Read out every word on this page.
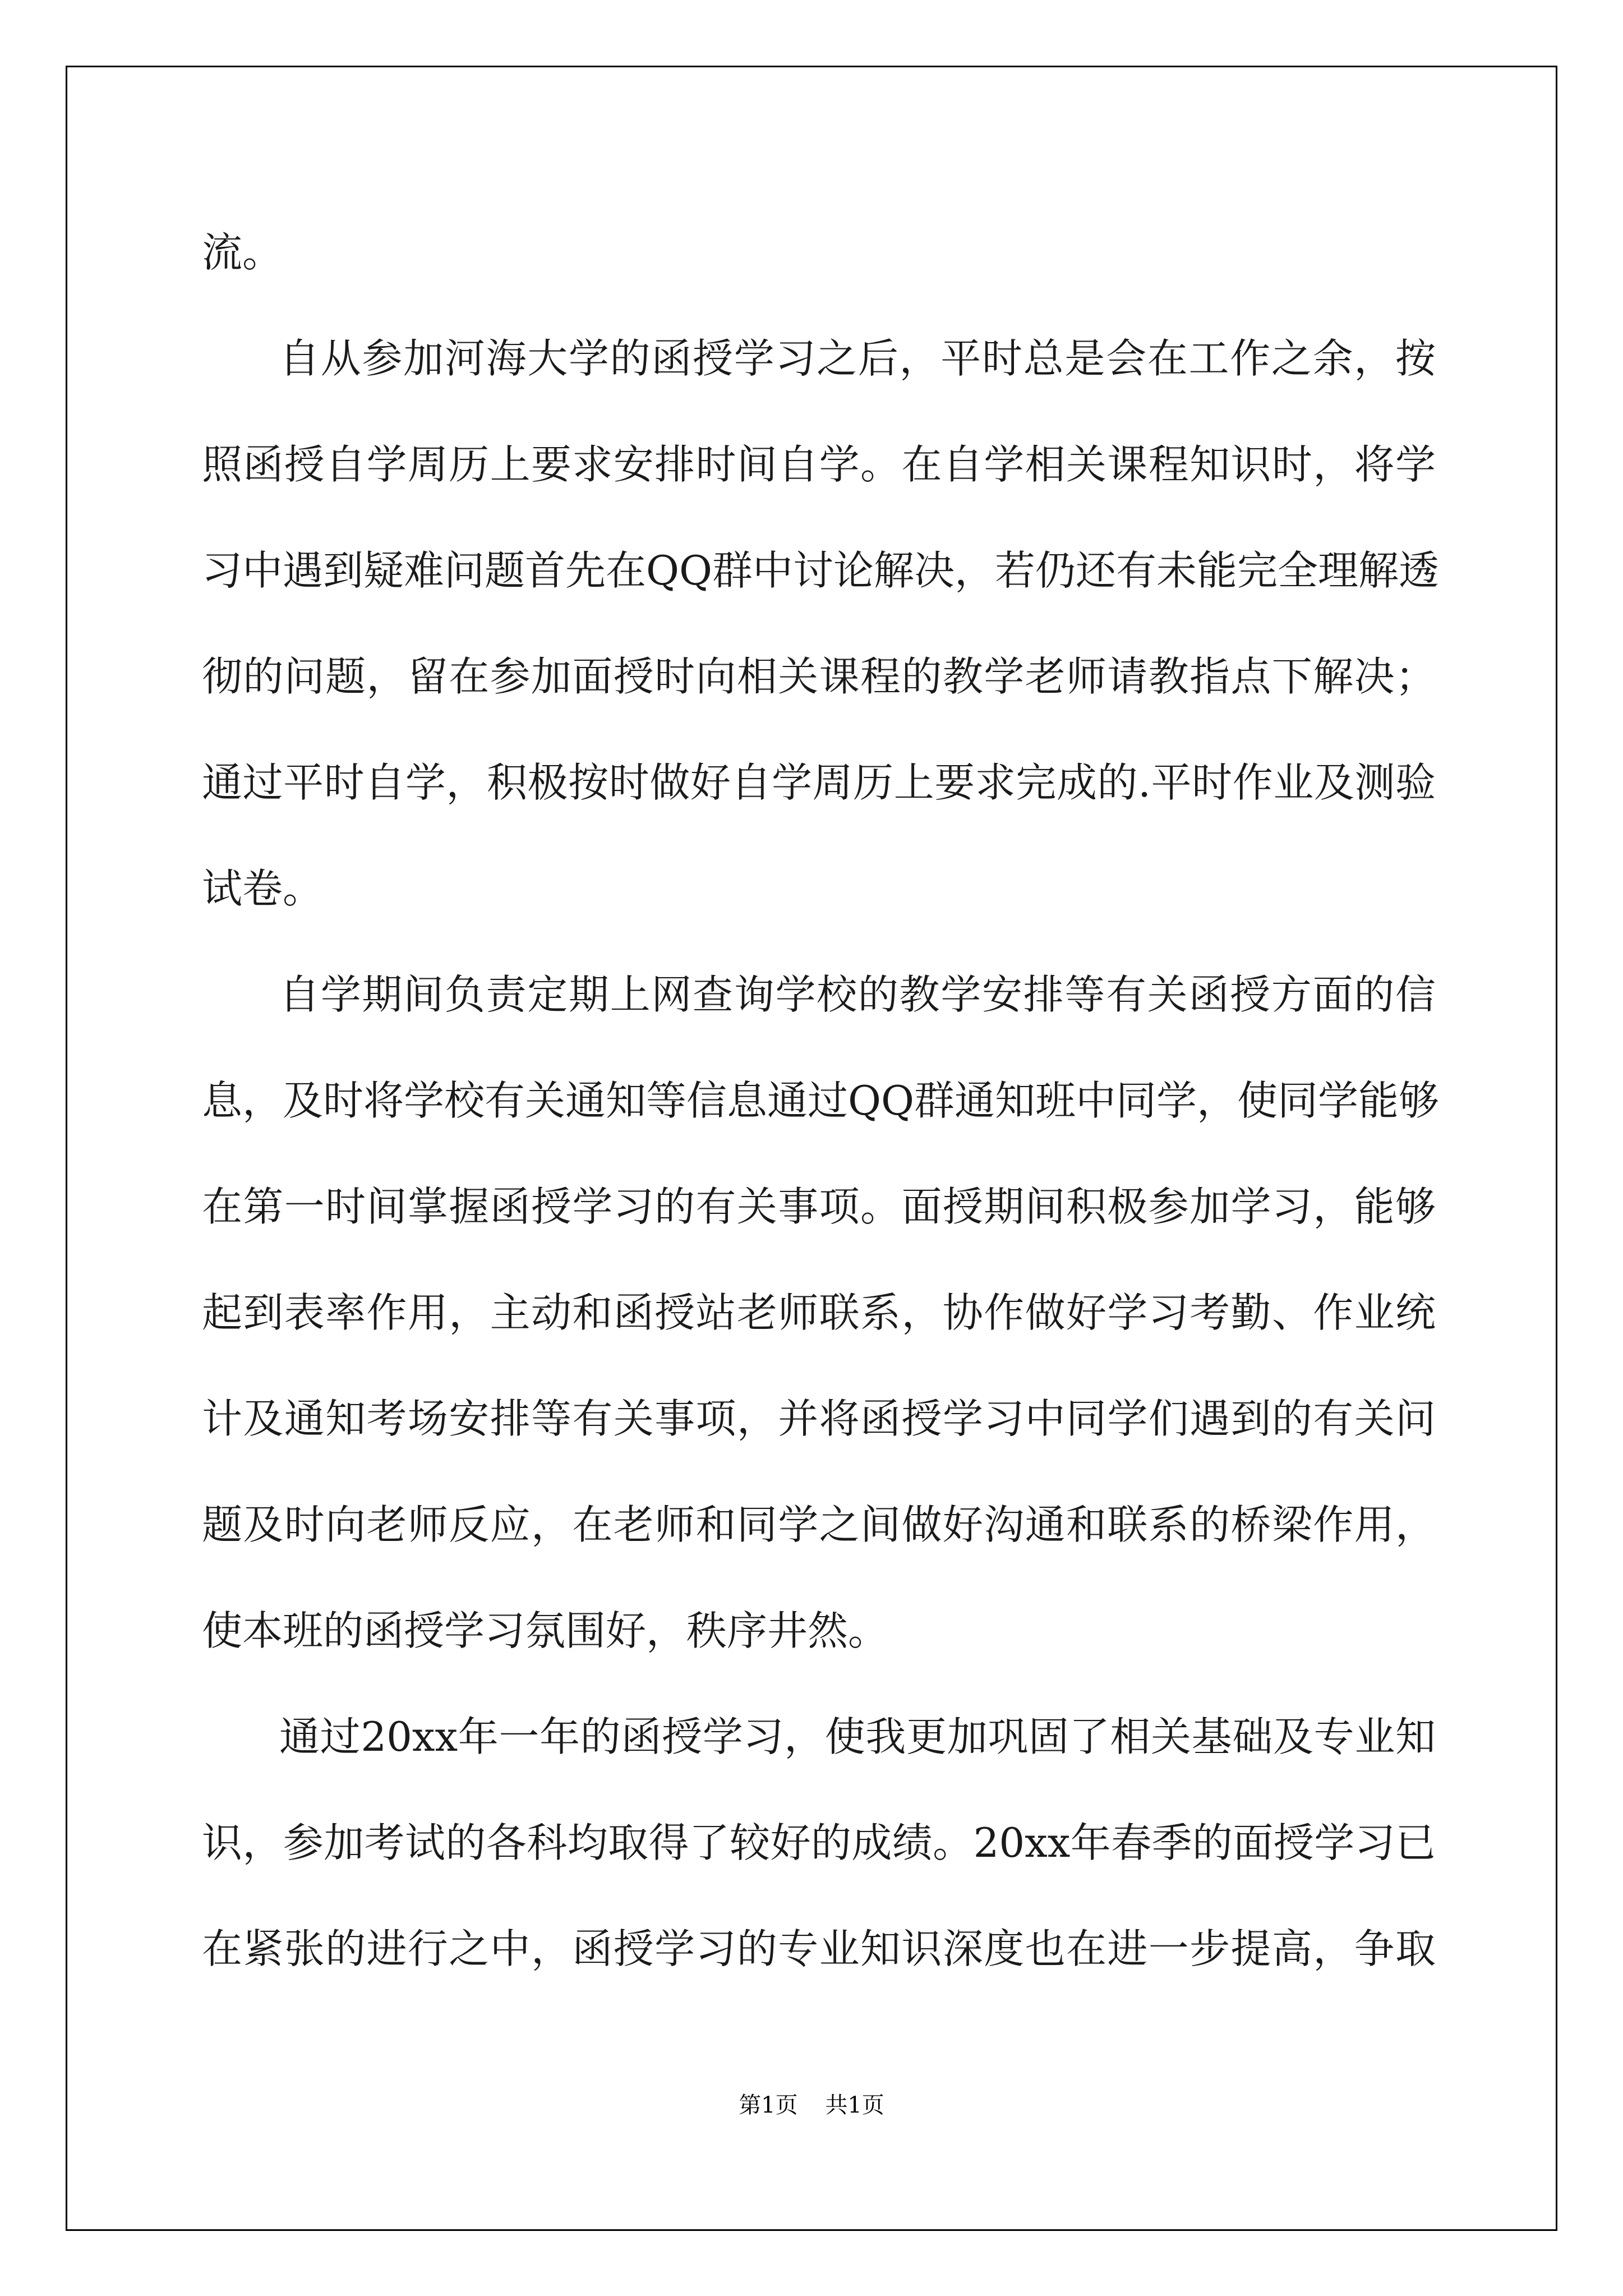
流。
自从参加河海大学的函授学习之后，平时总是会在工作之余，按
照函授自学周历上要求安排时间自学。在自学相关课程知识时，将学
习中遇到疑难问题首先在QQ群中讨论解决，若仍还有未能完全理解透
彻的问题，留在参加面授时向相关课程的教学老师请教指点下解决；
通过平时自学，积极按时做好自学周历上要求完成的.平时作业及测验
试卷。
自学期间负责定期上网查询学校的教学安排等有关函授方面的信
息，及时将学校有关通知等信息通过QQ群通知班中同学，使同学能够
在第一时间掌握函授学习的有关事项。面授期间积极参加学习，能够
起到表率作用，主动和函授站老师联系，协作做好学习考勤、作业统
计及通知考场安排等有关事项，并将函授学习中同学们遇到的有关问
题及时向老师反应，在老师和同学之间做好沟通和联系的桥梁作用，
使本班的函授学习氛围好，秩序井然。
通过20xx年一年的函授学习，使我更加巩固了相关基础及专业知
识，参加考试的各科均取得了较好的成绩。20xx年春季的面授学习已
在紧张的进行之中，函授学习的专业知识深度也在进一步提高，争取
第1页 共1页
